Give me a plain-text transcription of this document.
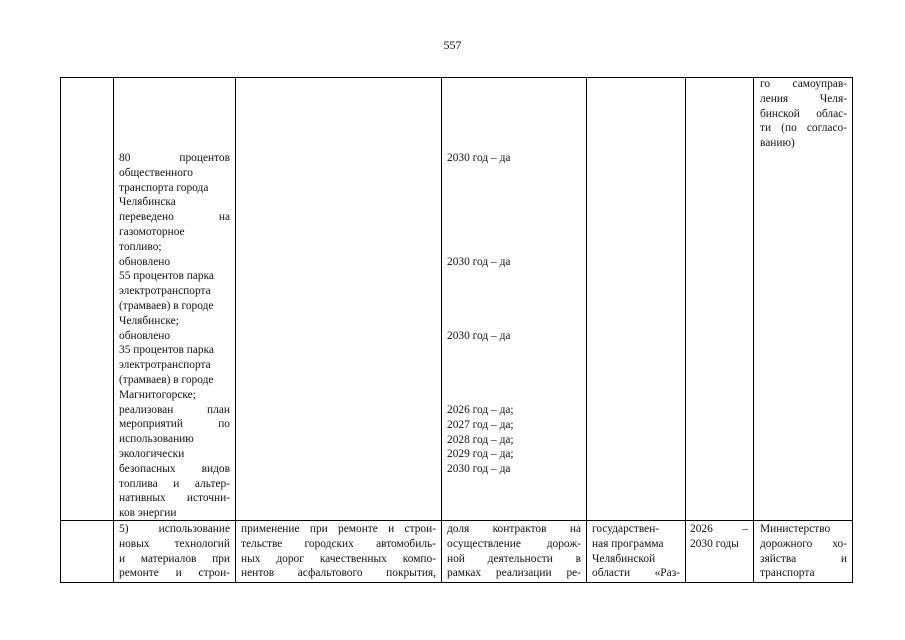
557
го самоуправ-
ления Челя-
бинской облас-
ти (по согласо-
ванию)
80 процентов
общественного
транспорта города
Челябинска
переведено на
газомоторное
топливо;
обновлено
55 процентов парка
электротранспорта
(трамваев) в городе
Челябинске;
обновлено
35 процентов парка
электротранспорта
(трамваев) в городе
Магнитогорске;
реализован план
мероприятий по
использованию
экологически
безопасных видов
топлива и альтер-
нативных источни-
ков энергии
2030 год – да
2030 год – да
2030 год – да
2026 год – да;
2027 год – да;
2028 год – да;
2029 год – да;
2030 год – да
5) использование
новых технологий
и материалов при
ремонте и строи-
применение при ремонте и строи-
тельстве городских автомобиль-
ных дорог качественных компо-
нентов асфальтового покрытия,
доля контрактов на
осуществление дорож-
ной деятельности в
рамках реализации ре-
государствен-
ная программа
Челябинской
области «Раз-
2026 –
2030 годы
Министерство
дорожного хо-
зяйства и
транспорта
